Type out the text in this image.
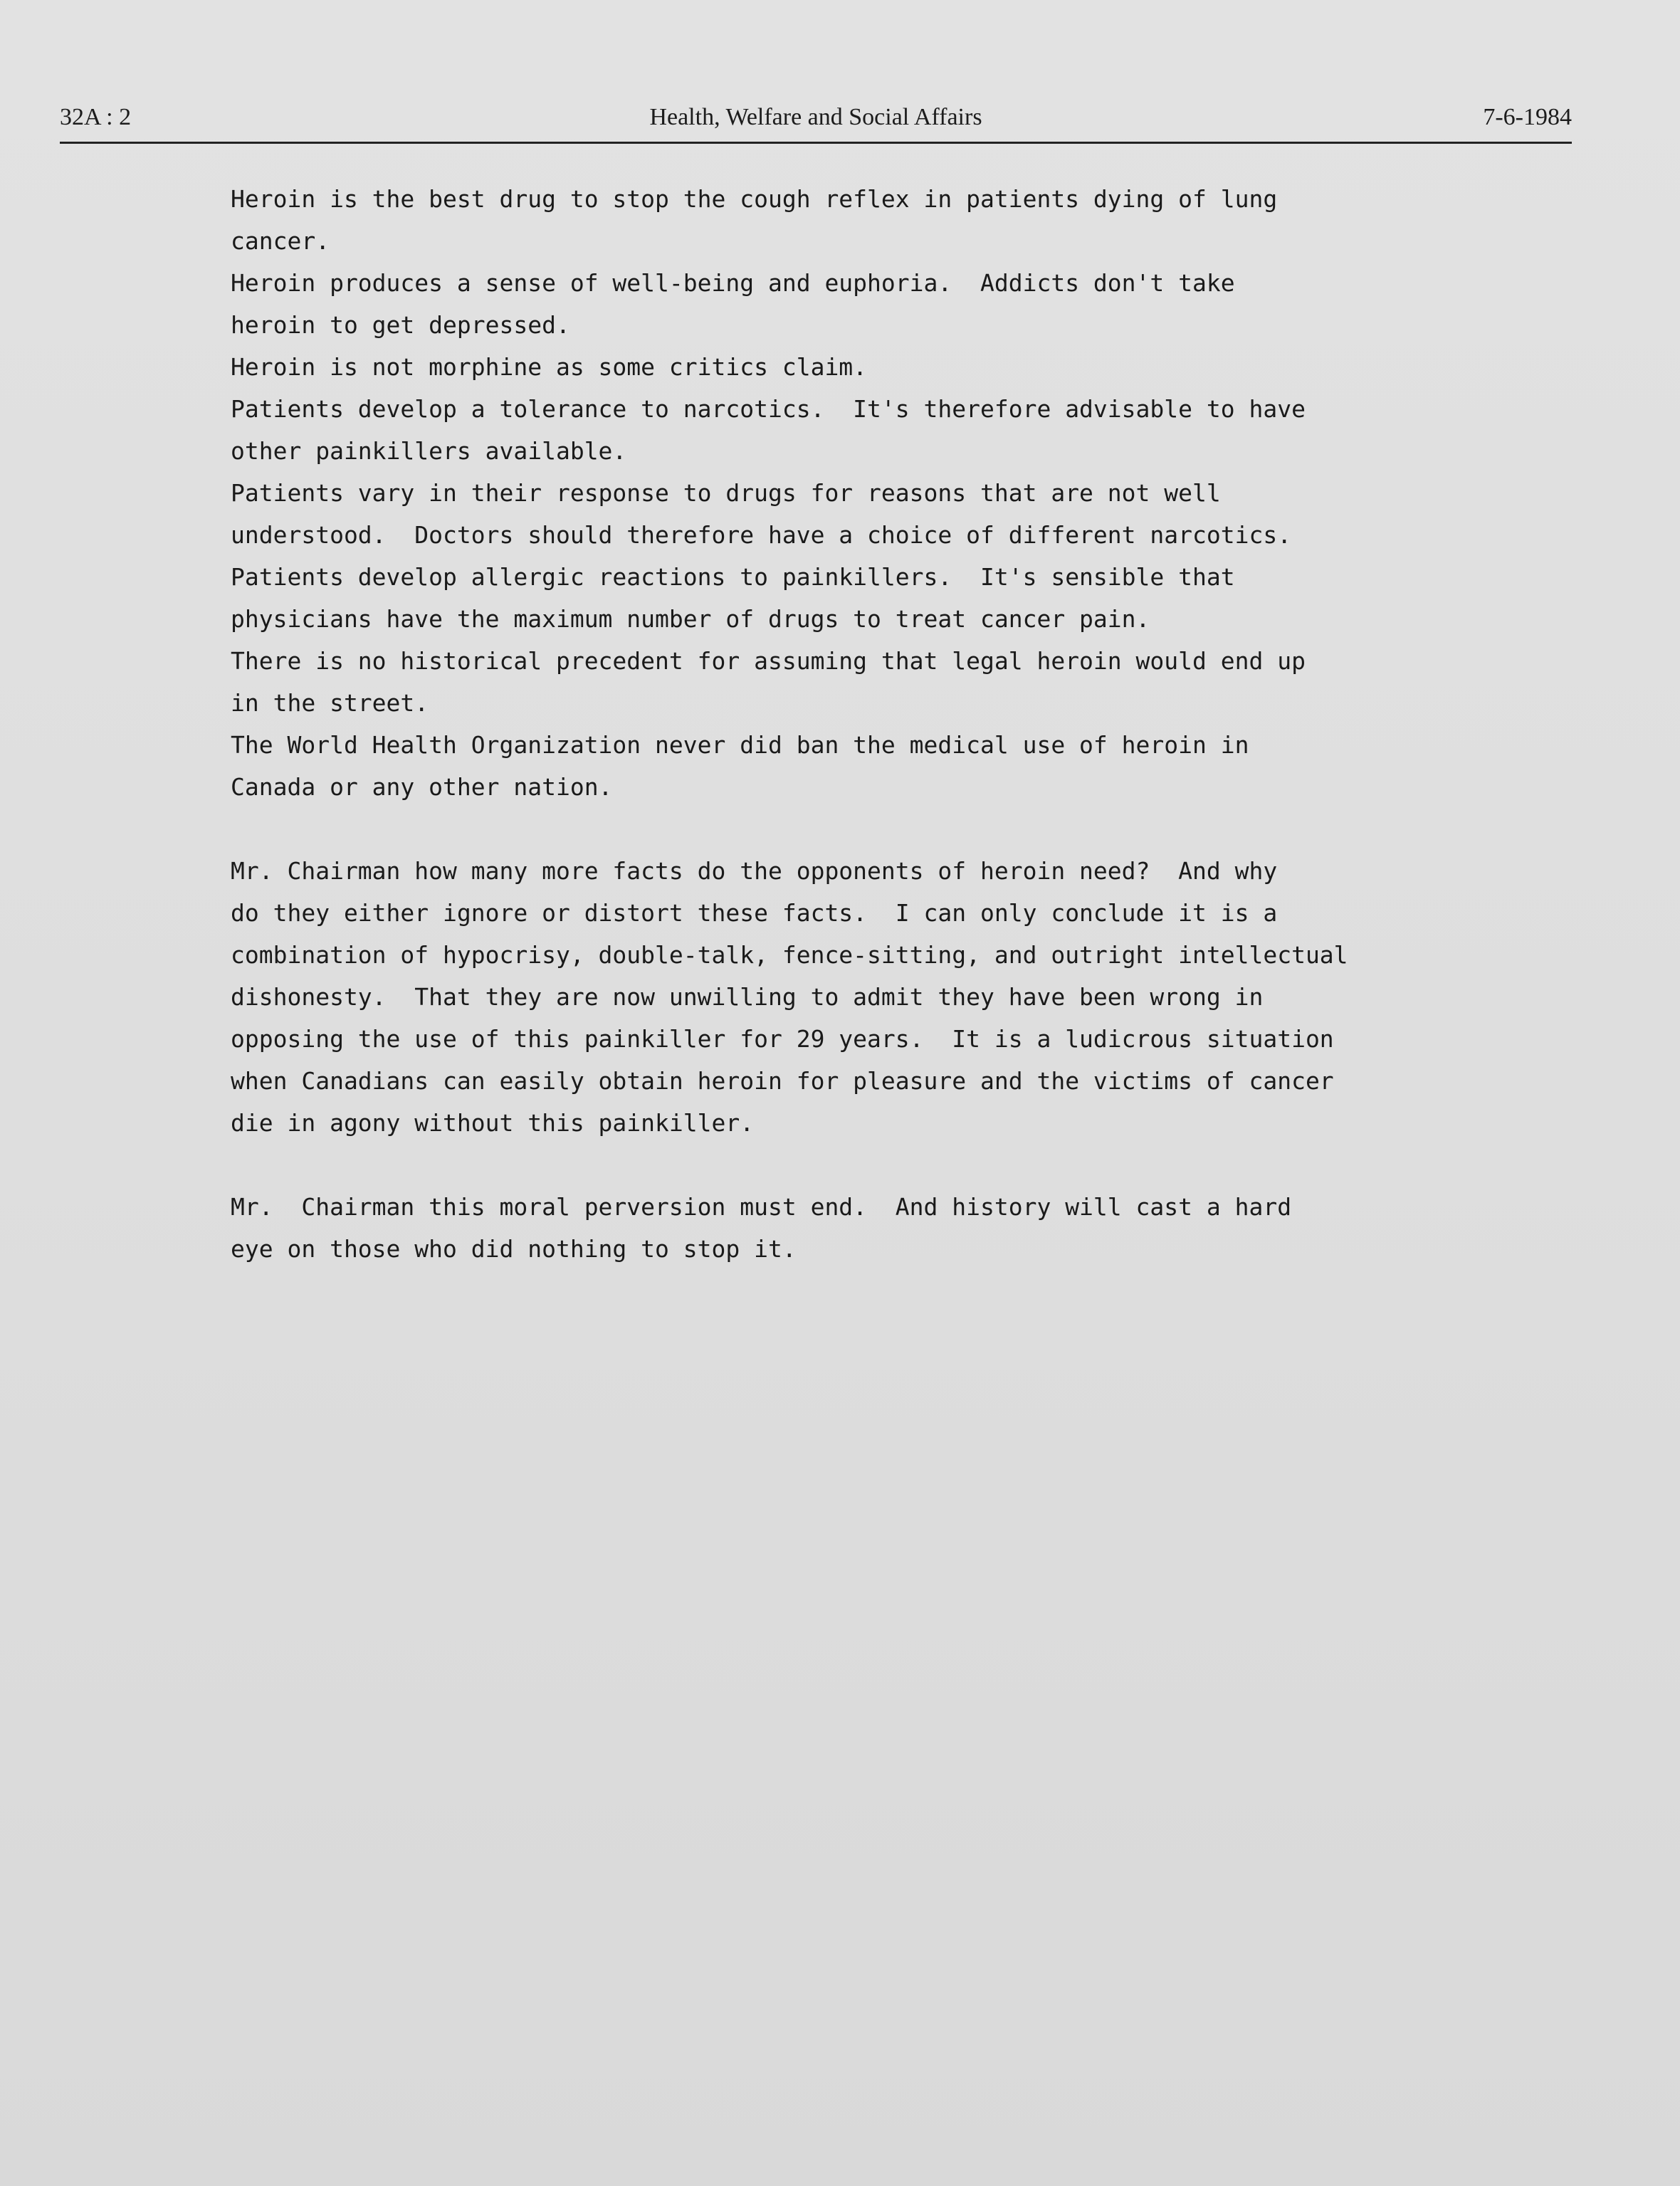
32A : 2	Health, Welfare and Social Affairs	7-6-1984
Heroin is the best drug to stop the cough reflex in patients dying of lung
cancer.
Heroin produces a sense of well-being and euphoria.  Addicts don't take
heroin to get depressed.
Heroin is not morphine as some critics claim.
Patients develop a tolerance to narcotics.  It's therefore advisable to have
other painkillers available.
Patients vary in their response to drugs for reasons that are not well
understood.  Doctors should therefore have a choice of different narcotics.
Patients develop allergic reactions to painkillers.  It's sensible that
physicians have the maximum number of drugs to treat cancer pain.
There is no historical precedent for assuming that legal heroin would end up
in the street.
The World Health Organization never did ban the medical use of heroin in
Canada or any other nation.
Mr. Chairman how many more facts do the opponents of heroin need?  And why
do they either ignore or distort these facts.  I can only conclude it is a
combination of hypocrisy, double-talk, fence-sitting, and outright intellectual
dishonesty.  That they are now unwilling to admit they have been wrong in
opposing the use of this painkiller for 29 years.  It is a ludicrous situation
when Canadians can easily obtain heroin for pleasure and the victims of cancer
die in agony without this painkiller.
Mr.  Chairman this moral perversion must end.  And history will cast a hard
eye on those who did nothing to stop it.
